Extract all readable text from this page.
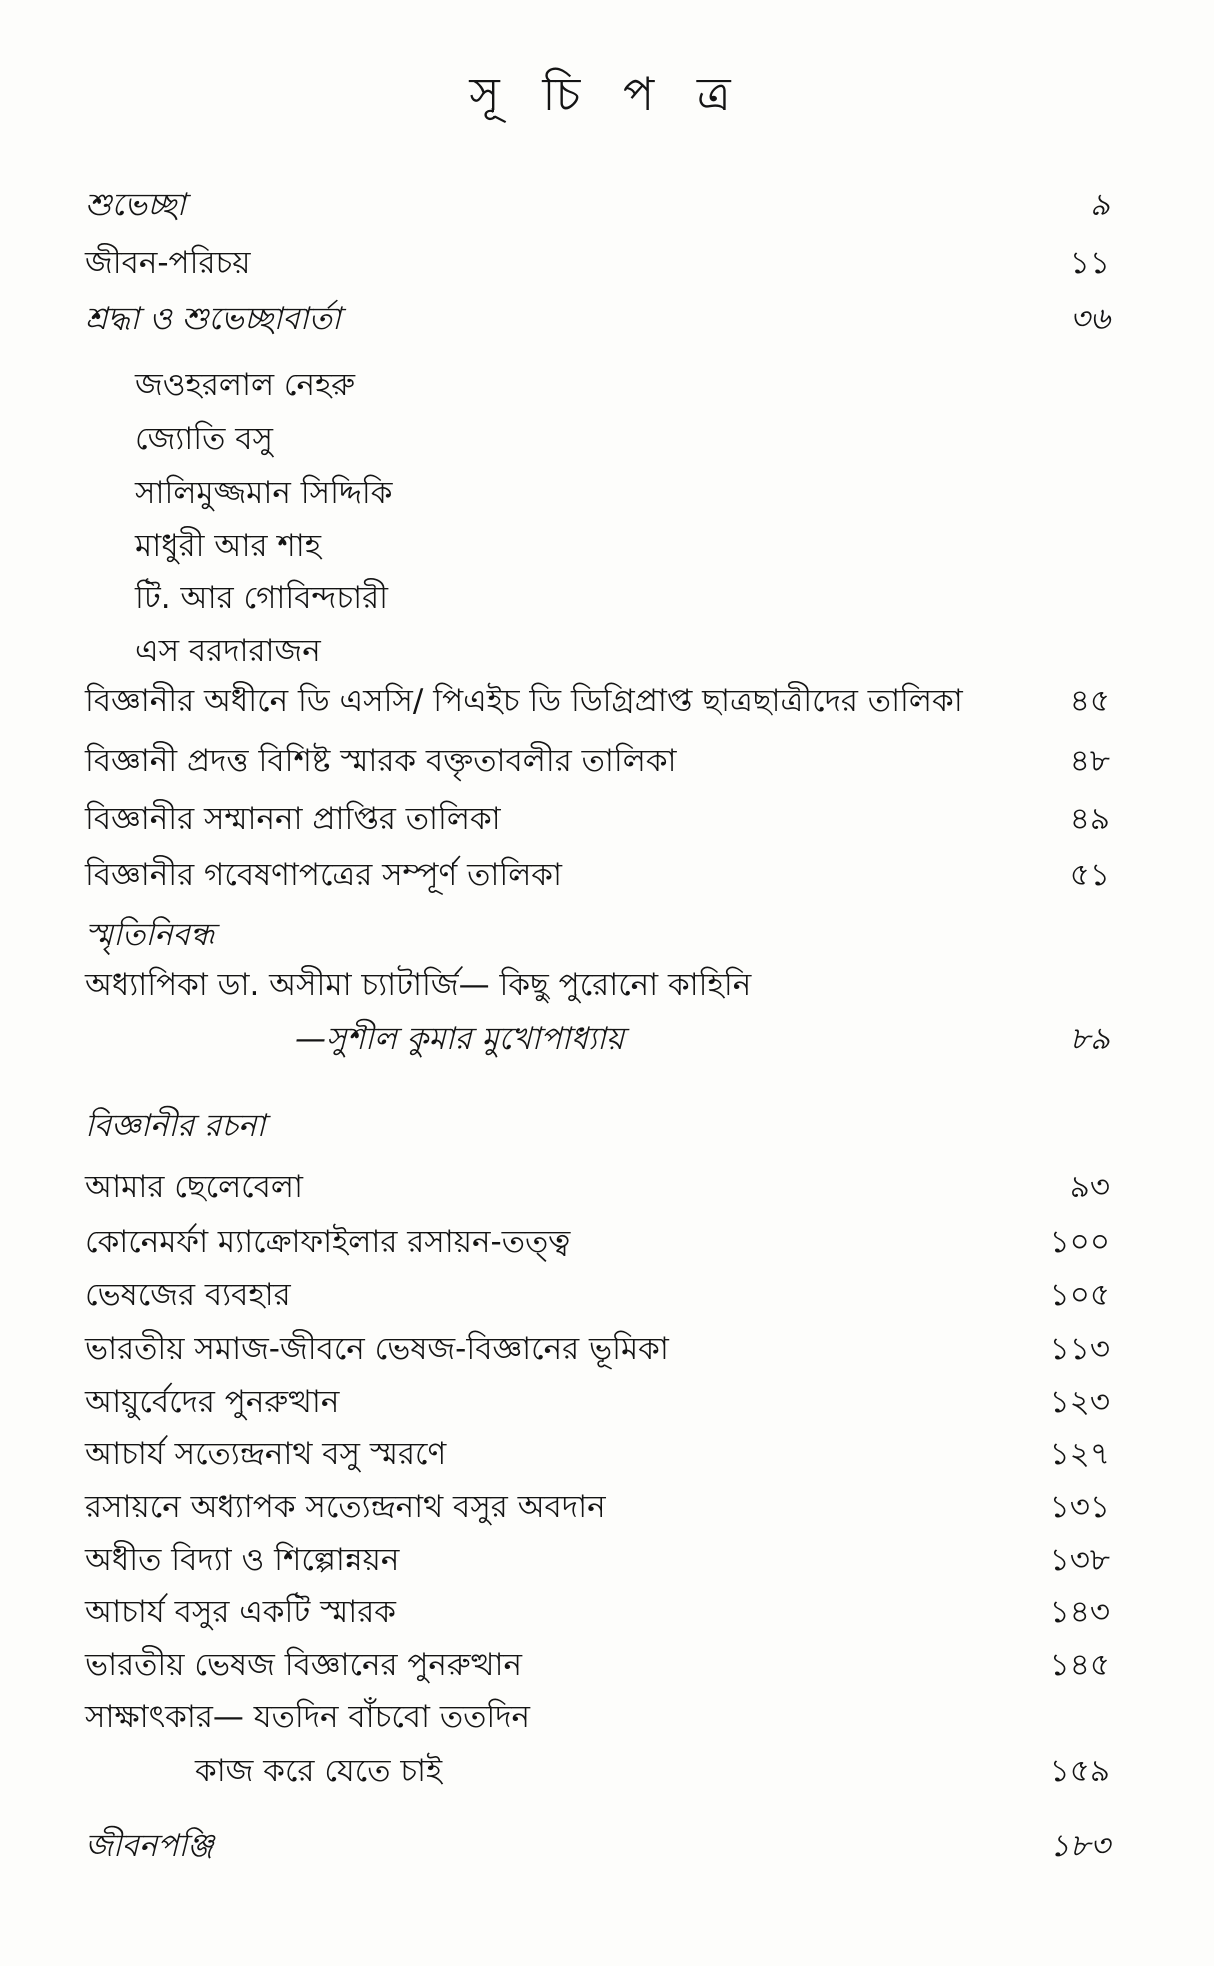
সূ চি প ত্র
শুভেচ্ছা	৯
জীবন-পরিচয়	১১
শ্রদ্ধা ও শুভেচ্ছাবার্তা	৩৬
জওহরলাল নেহরু
জ্যোতি বসু
সালিমুজ্জমান সিদ্দিকি
মাধুরী আর শাহ
টি. আর গোবিন্দচারী
এস বরদারাজন
বিজ্ঞানীর অধীনে ডি এসসি/ পিএইচ ডি ডিগ্রিপ্রাপ্ত ছাত্রছাত্রীদের তালিকা	৪৫
বিজ্ঞানী প্রদত্ত বিশিষ্ট স্মারক বক্তৃতাবলীর তালিকা	৪৮
বিজ্ঞানীর সম্মাননা প্রাপ্তির তালিকা	৪৯
বিজ্ঞানীর গবেষণাপত্রের সম্পূর্ণ তালিকা	৫১
স্মৃতিনিবন্ধ
অধ্যাপিকা ডা. অসীমা চ্যাটার্জি— কিছু পুরোনো কাহিনি
—সুশীল কুমার মুখোপাধ্যায়	৮৯
বিজ্ঞানীর রচনা
আমার ছেলেবেলা	৯৩
কোনেমর্ফা ম্যাক্রোফাইলার রসায়ন-তত্ত্ব	১০০
ভেষজের ব্যবহার	১০৫
ভারতীয় সমাজ-জীবনে ভেষজ-বিজ্ঞানের ভূমিকা	১১৩
আয়ুর্বেদের পুনরুত্থান	১২৩
আচার্য সত্যেন্দ্রনাথ বসু স্মরণে	১২৭
রসায়নে অধ্যাপক সত্যেন্দ্রনাথ বসুর অবদান	১৩১
অধীত বিদ্যা ও শিল্পোন্নয়ন	১৩৮
আচার্য বসুর একটি স্মারক	১৪৩
ভারতীয় ভেষজ বিজ্ঞানের পুনরুত্থান	১৪৫
সাক্ষাৎকার— যতদিন বাঁচবো ততদিন
কাজ করে যেতে চাই	১৫৯
জীবনপঞ্জি	১৮৩
